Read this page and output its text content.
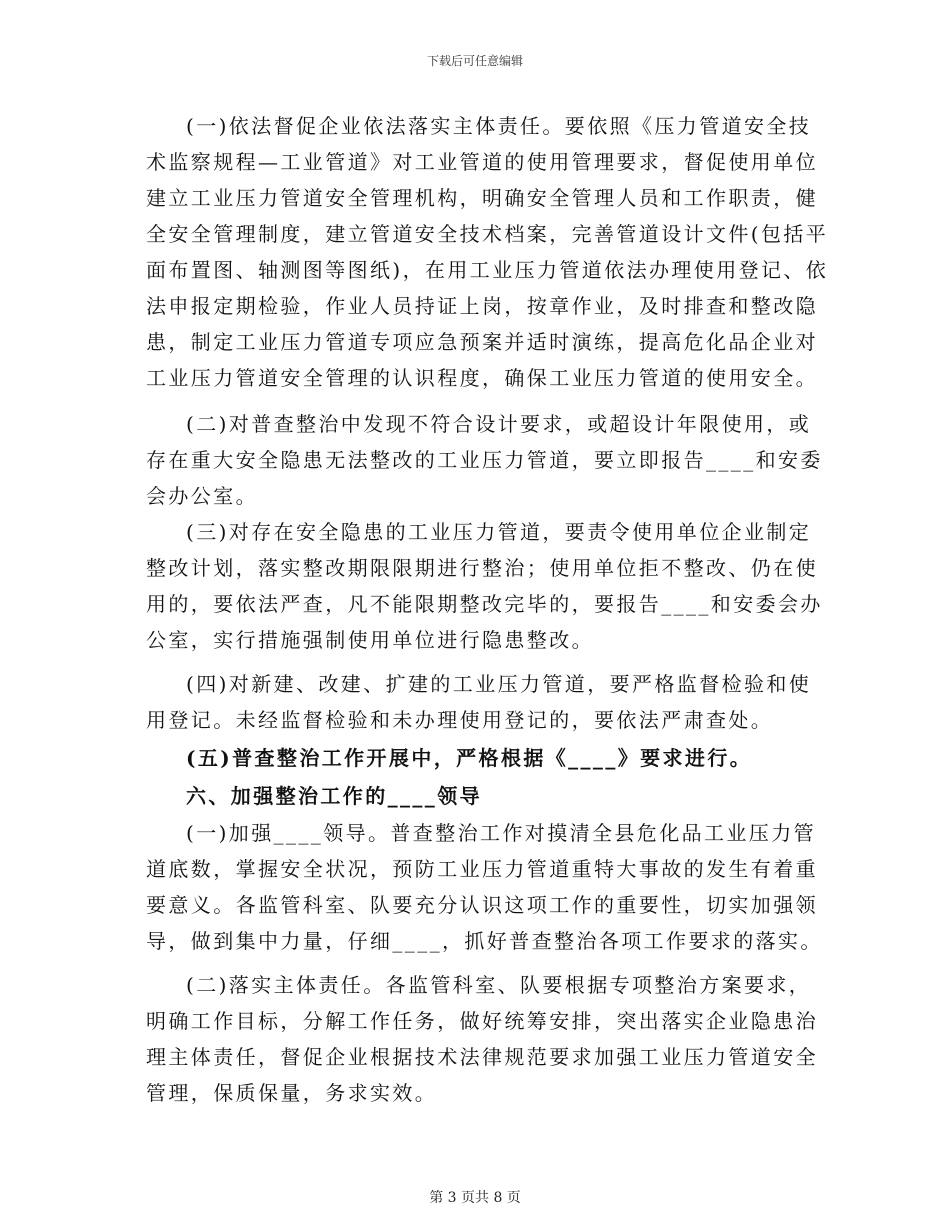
下载后可任意编辑
(一)依法督促企业依法落实主体责任。要依照《压力管道安全技
术监察规程—工业管道》对工业管道的使用管理要求，督促使用单位
建立工业压力管道安全管理机构，明确安全管理人员和工作职责，健
全安全管理制度，建立管道安全技术档案，完善管道设计文件(包括平
面布置图、轴测图等图纸)，在用工业压力管道依法办理使用登记、依
法申报定期检验，作业人员持证上岗，按章作业，及时排查和整改隐
患，制定工业压力管道专项应急预案并适时演练，提高危化品企业对
工业压力管道安全管理的认识程度，确保工业压力管道的使用安全。
(二)对普查整治中发现不符合设计要求，或超设计年限使用，或
存在重大安全隐患无法整改的工业压力管道，要立即报告____和安委
会办公室。
(三)对存在安全隐患的工业压力管道，要责令使用单位企业制定
整改计划，落实整改期限限期进行整治；使用单位拒不整改、仍在使
用的，要依法严查，凡不能限期整改完毕的，要报告____和安委会办
公室，实行措施强制使用单位进行隐患整改。
(四)对新建、改建、扩建的工业压力管道，要严格监督检验和使
用登记。未经监督检验和未办理使用登记的，要依法严肃查处。
(五)普查整治工作开展中，严格根据《____》要求进行。
六、加强整治工作的____领导
(一)加强____领导。普查整治工作对摸清全县危化品工业压力管
道底数，掌握安全状况，预防工业压力管道重特大事故的发生有着重
要意义。各监管科室、队要充分认识这项工作的重要性，切实加强领
导，做到集中力量，仔细____，抓好普查整治各项工作要求的落实。
(二)落实主体责任。各监管科室、队要根据专项整治方案要求，
明确工作目标，分解工作任务，做好统筹安排，突出落实企业隐患治
理主体责任，督促企业根据技术法律规范要求加强工业压力管道安全
管理，保质保量，务求实效。
第 3 页共 8 页
